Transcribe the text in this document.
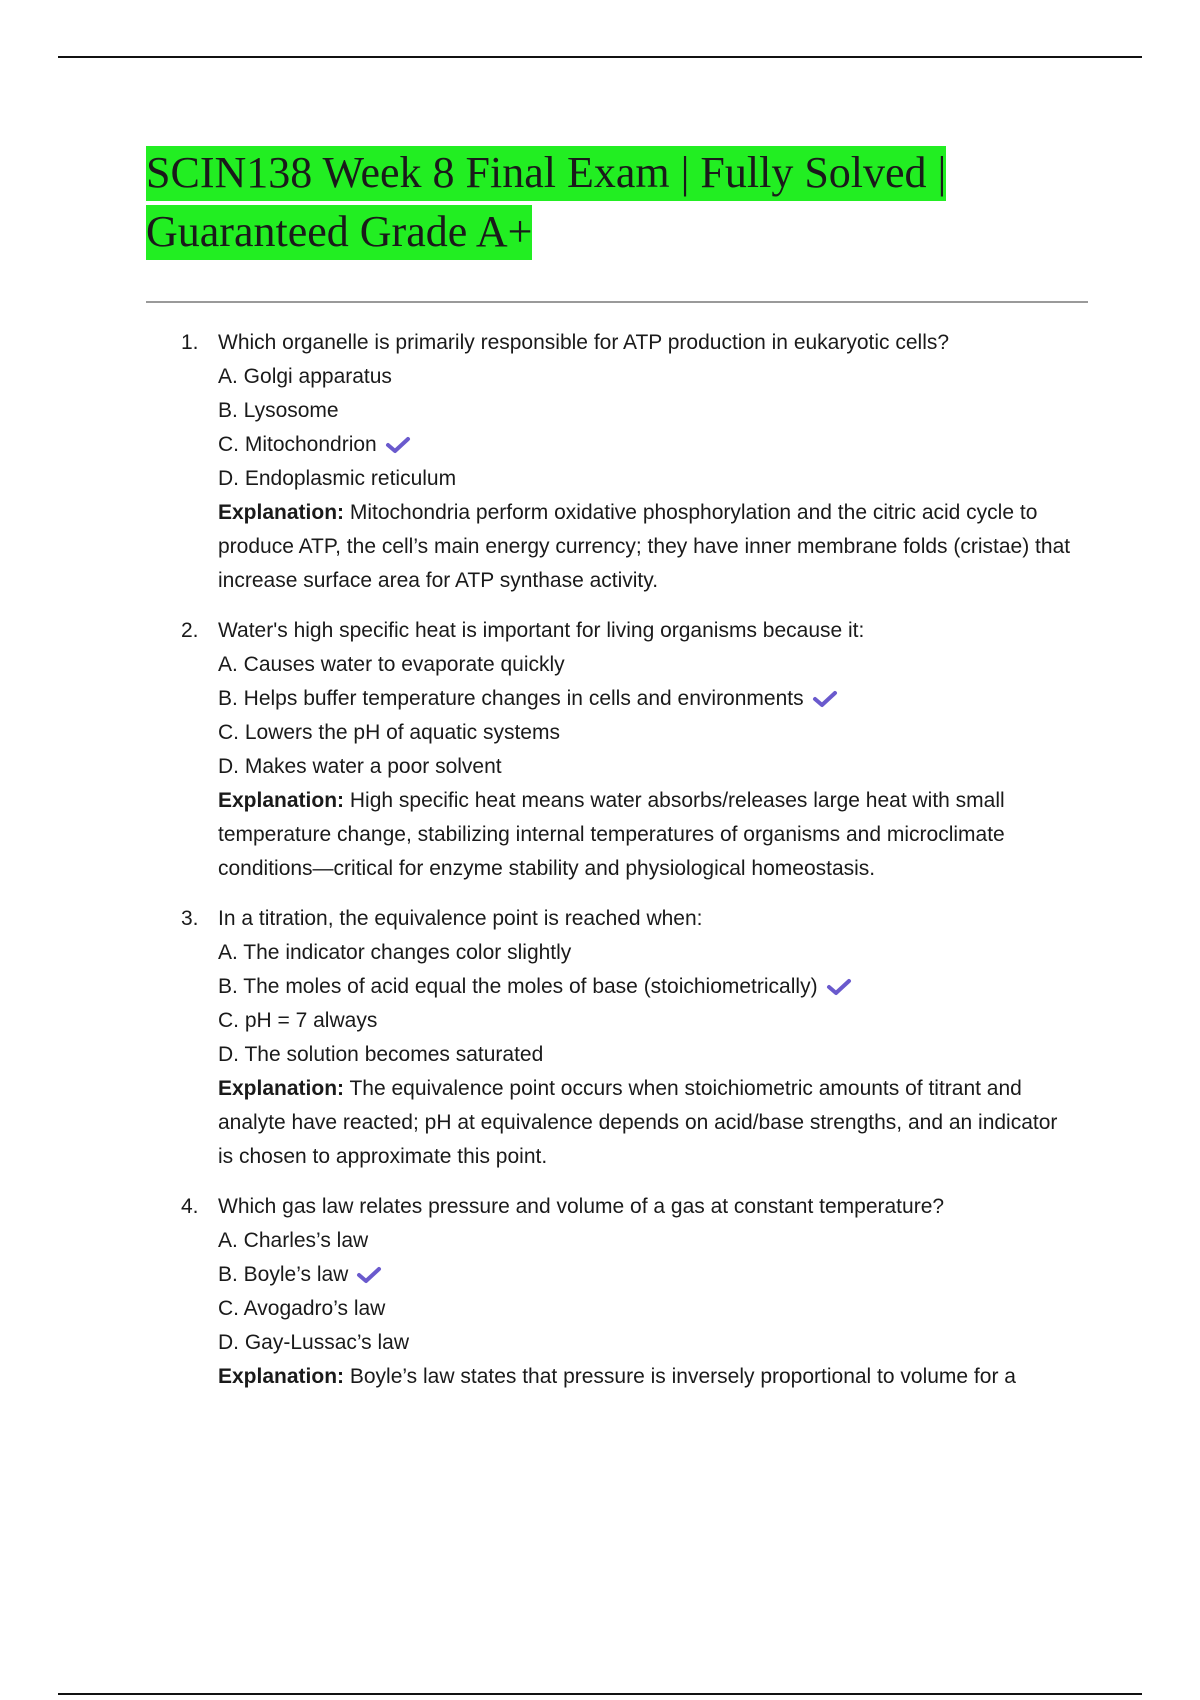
SCIN138 Week 8 Final Exam | Fully Solved |
Guaranteed Grade A+
1. Which organelle is primarily responsible for ATP production in eukaryotic cells?
A. Golgi apparatus
B. Lysosome
C. Mitochondrion
D. Endoplasmic reticulum
Explanation: Mitochondria perform oxidative phosphorylation and the citric acid cycle to produce ATP, the cell’s main energy currency; they have inner membrane folds (cristae) that increase surface area for ATP synthase activity.
2. Water's high specific heat is important for living organisms because it:
A. Causes water to evaporate quickly
B. Helps buffer temperature changes in cells and environments
C. Lowers the pH of aquatic systems
D. Makes water a poor solvent
Explanation: High specific heat means water absorbs/releases large heat with small temperature change, stabilizing internal temperatures of organisms and microclimate conditions—critical for enzyme stability and physiological homeostasis.
3. In a titration, the equivalence point is reached when:
A. The indicator changes color slightly
B. The moles of acid equal the moles of base (stoichiometrically)
C. pH = 7 always
D. The solution becomes saturated
Explanation: The equivalence point occurs when stoichiometric amounts of titrant and analyte have reacted; pH at equivalence depends on acid/base strengths, and an indicator is chosen to approximate this point.
4. Which gas law relates pressure and volume of a gas at constant temperature?
A. Charles’s law
B. Boyle’s law
C. Avogadro’s law
D. Gay-Lussac’s law
Explanation: Boyle’s law states that pressure is inversely proportional to volume for a
